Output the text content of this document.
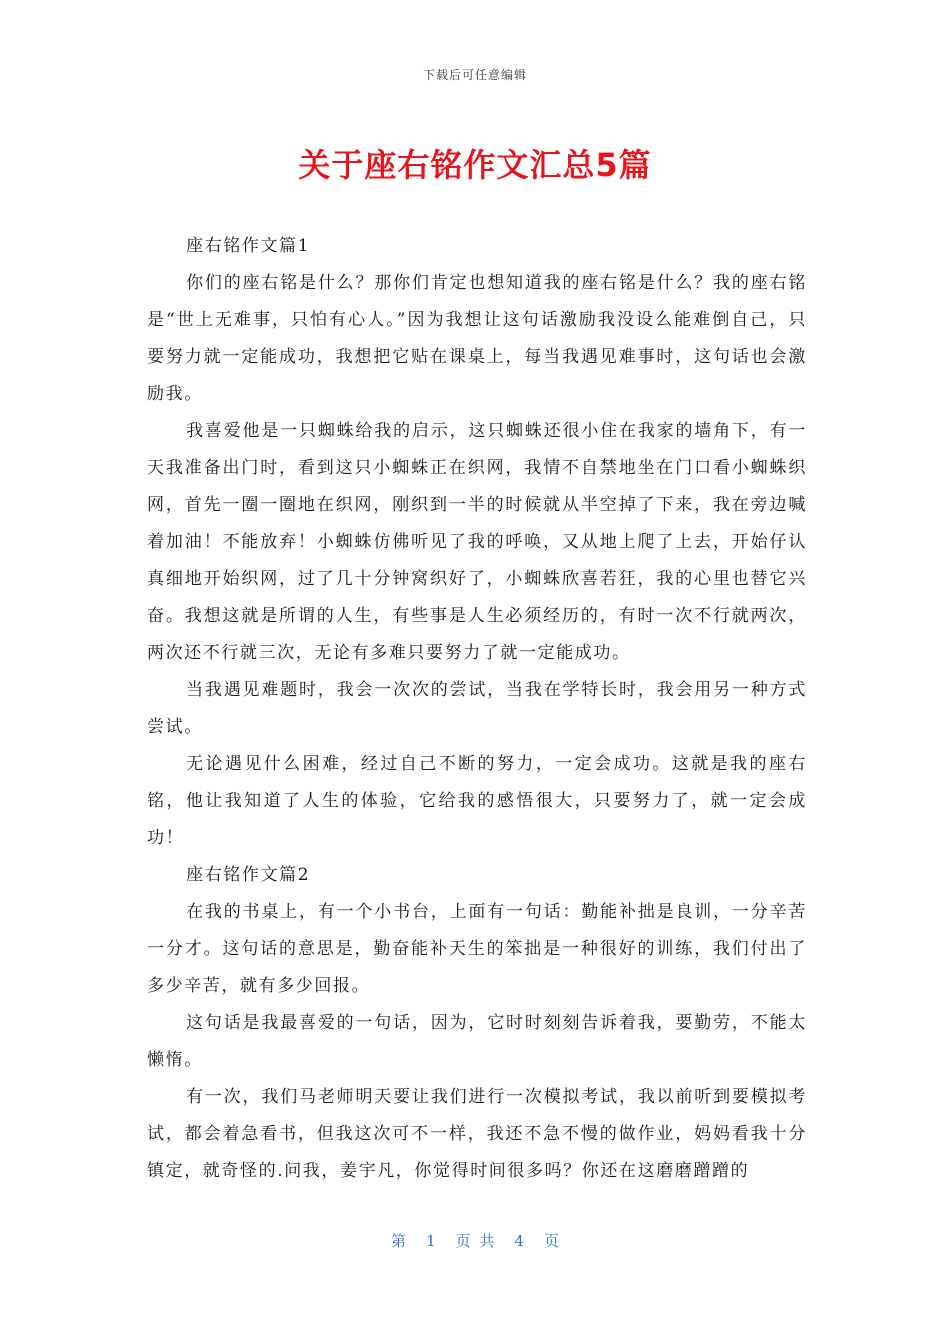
下载后可任意编辑
关于座右铭作文汇总5篇

座右铭作文篇1

你们的座右铭是什么？那你们肯定也想知道我的座右铭是什么？我的座右铭是“世上无难事，只怕有心人。”因为我想让这句话激励我没设么能难倒自己，只要努力就一定能成功，我想把它贴在课桌上，每当我遇见难事时，这句话也会激励我。

我喜爱他是一只蜘蛛给我的启示，这只蜘蛛还很小住在我家的墙角下，有一天我准备出门时，看到这只小蜘蛛正在织网，我情不自禁地坐在门口看小蜘蛛织网，首先一圈一圈地在织网，刚织到一半的时候就从半空掉了下来，我在旁边喊着加油！不能放弃！小蜘蛛仿佛听见了我的呼唤，又从地上爬了上去，开始仔认真细地开始织网，过了几十分钟窝织好了，小蜘蛛欣喜若狂，我的心里也替它兴奋。我想这就是所谓的人生，有些事是人生必须经历的，有时一次不行就两次，两次还不行就三次，无论有多难只要努力了就一定能成功。

当我遇见难题时，我会一次次的尝试，当我在学特长时，我会用另一种方式尝试。

无论遇见什么困难，经过自己不断的努力，一定会成功。这就是我的座右铭，他让我知道了人生的体验，它给我的感悟很大，只要努力了，就一定会成功！

座右铭作文篇2

在我的书桌上，有一个小书台，上面有一句话：勤能补拙是良训，一分辛苦一分才。这句话的意思是，勤奋能补天生的笨拙是一种很好的训练，我们付出了多少辛苦，就有多少回报。

这句话是我最喜爱的一句话，因为，它时时刻刻告诉着我，要勤劳，不能太懒惰。

有一次，我们马老师明天要让我们进行一次模拟考试，我以前听到要模拟考试，都会着急看书，但我这次可不一样，我还不急不慢的做作业，妈妈看我十分镇定，就奇怪的.问我，姜宇凡，你觉得时间很多吗？你还在这磨磨蹭蹭的

第 1 页 共 4 页
